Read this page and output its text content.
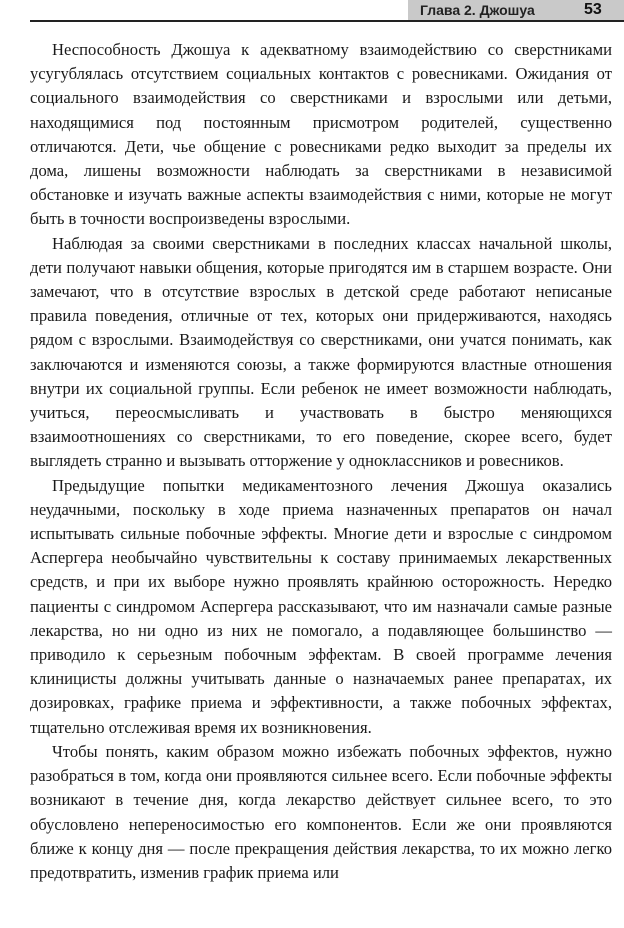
Глава 2. Джошуа	53

Неспособность Джошуа к адекватному взаимодействию со сверстниками усугублялась отсутствием социальных контактов с ровесниками. Ожидания от социального взаимодействия со сверстниками и взрослыми или детьми, находящимися под постоянным присмотром родителей, существенно отличаются. Дети, чье общение с ровесниками редко выходит за пределы их дома, лишены возможности наблюдать за сверстниками в независимой обстановке и изучать важные аспекты взаимодействия с ними, которые не могут быть в точности воспроизведены взрослыми.

Наблюдая за своими сверстниками в последних классах начальной школы, дети получают навыки общения, которые пригодятся им в старшем возрасте. Они замечают, что в отсутствие взрослых в детской среде работают неписаные правила поведения, отличные от тех, которых они придерживаются, находясь рядом с взрослыми. Взаимодействуя со сверстниками, они учатся понимать, как заключаются и изменяются союзы, а также формируются властные отношения внутри их социальной группы. Если ребенок не имеет возможности наблюдать, учиться, переосмысливать и участвовать в быстро меняющихся взаимоотношениях со сверстниками, то его поведение, скорее всего, будет выглядеть странно и вызывать отторжение у одноклассников и ровесников.

Предыдущие попытки медикаментозного лечения Джошуа оказались неудачными, поскольку в ходе приема назначенных препаратов он начал испытывать сильные побочные эффекты. Многие дети и взрослые с синдромом Аспергера необычайно чувствительны к составу принимаемых лекарственных средств, и при их выборе нужно проявлять крайнюю осторожность. Нередко пациенты с синдромом Аспергера рассказывают, что им назначали самые разные лекарства, но ни одно из них не помогало, а подавляющее большинство — приводило к серьезным побочным эффектам. В своей программе лечения клиницисты должны учитывать данные о назначаемых ранее препаратах, их дозировках, графике приема и эффективности, а также побочных эффектах, тщательно отслеживая время их возникновения.

Чтобы понять, каким образом можно избежать побочных эффектов, нужно разобраться в том, когда они проявляются сильнее всего. Если побочные эффекты возникают в течение дня, когда лекарство действует сильнее всего, то это обусловлено непереносимостью его компонентов. Если же они проявляются ближе к концу дня — после прекращения действия лекарства, то их можно легко предотвратить, изменив график приема или
